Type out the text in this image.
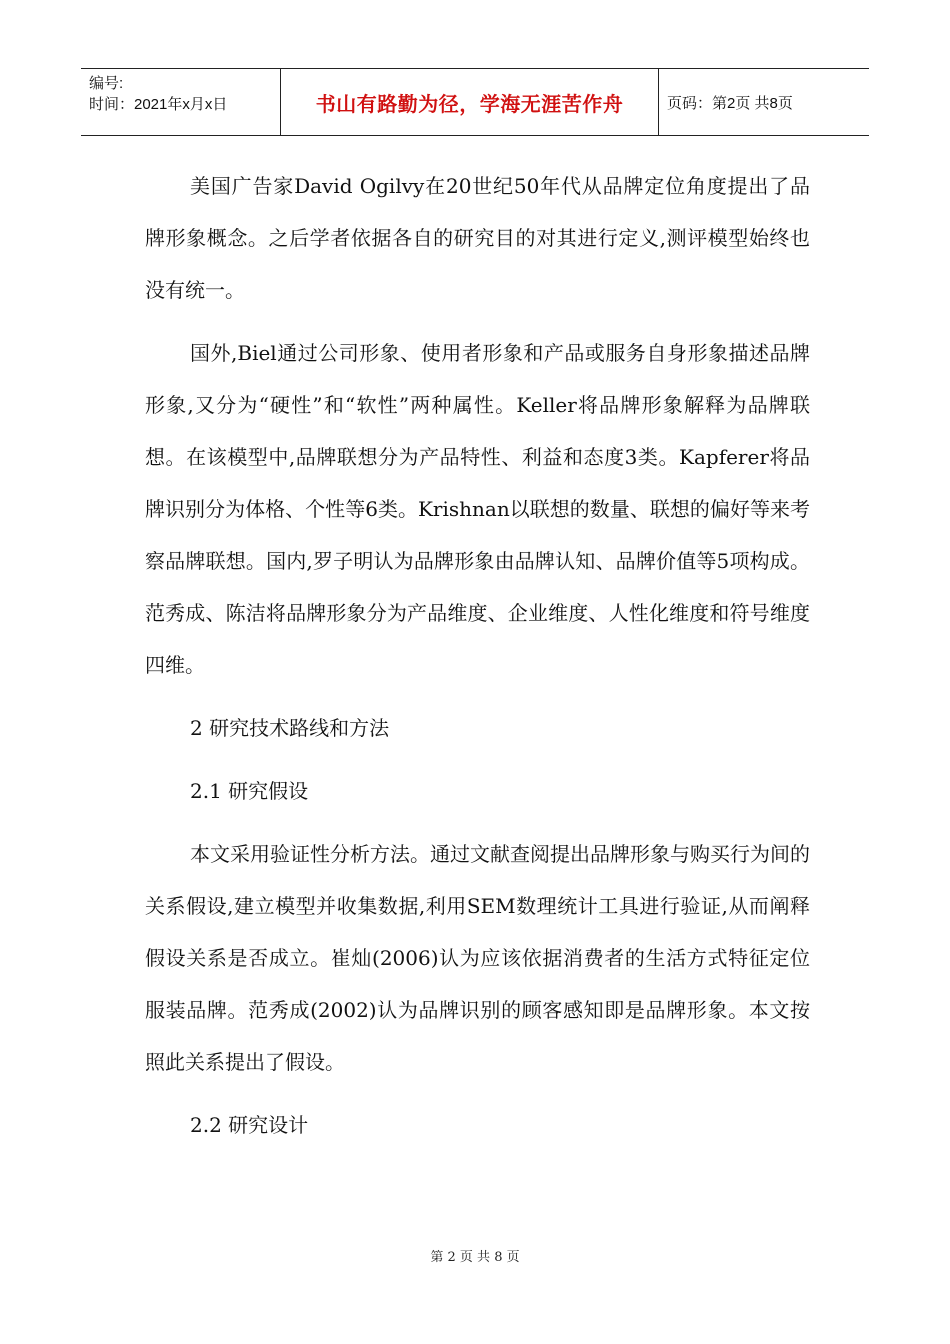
编号:
时间：2021年x月x日	书山有路勤为径，学海无涯苦作舟	页码：第2页 共8页

美国广告家David Ogilvy在20世纪50年代从品牌定位角度提出了品牌形象概念。之后学者依据各自的研究目的对其进行定义,测评模型始终也没有统一。

国外,Biel通过公司形象、使用者形象和产品或服务自身形象描述品牌形象,又分为“硬性”和“软性”两种属性。Keller将品牌形象解释为品牌联想。在该模型中,品牌联想分为产品特性、利益和态度3类。Kapferer将品牌识别分为体格、个性等6类。Krishnan以联想的数量、联想的偏好等来考察品牌联想。国内,罗子明认为品牌形象由品牌认知、品牌价值等5项构成。范秀成、陈洁将品牌形象分为产品维度、企业维度、人性化维度和符号维度四维。

2 研究技术路线和方法

2.1 研究假设

本文采用验证性分析方法。通过文献查阅提出品牌形象与购买行为间的关系假设,建立模型并收集数据,利用SEM数理统计工具进行验证,从而阐释假设关系是否成立。崔灿(2006)认为应该依据消费者的生活方式特征定位服装品牌。范秀成(2002)认为品牌识别的顾客感知即是品牌形象。本文按照此关系提出了假设。

2.2 研究设计

第 2 页 共 8 页
